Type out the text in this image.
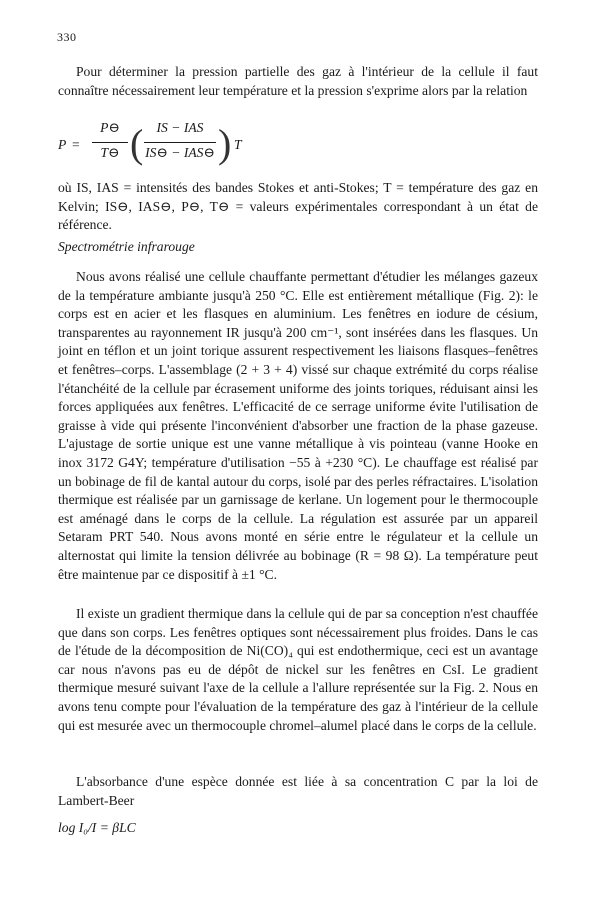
330

Pour déterminer la pression partielle des gaz à l'intérieur de la cellule il faut connaître nécessairement leur température et la pression s'exprime alors par la relation

P =
P⊖
T⊖ ( IS − IAS
IS⊖ − IAS⊖ ) T

où IS, IAS = intensités des bandes Stokes et anti-Stokes; T = température des gaz en Kelvin; IS⊖, IAS⊖, P⊖, T⊖ = valeurs expérimentales correspondant à un état de référence.

Spectrométrie infrarouge

Nous avons réalisé une cellule chauffante permettant d'étudier les mélanges gazeux de la température ambiante jusqu'à 250 °C. Elle est entièrement métallique (Fig. 2): le corps est en acier et les flasques en aluminium. Les fenêtres en iodure de césium, transparentes au rayonnement IR jusqu'à 200 cm⁻¹, sont insérées dans les flasques. Un joint en téflon et un joint torique assurent respectivement les liaisons flasques–fenêtres et fenêtres–corps. L'assemblage (2 + 3 + 4) vissé sur chaque extrémité du corps réalise l'étanchéité de la cellule par écrasement uniforme des joints toriques, réduisant ainsi les forces appliquées aux fenêtres. L'efficacité de ce serrage uniforme évite l'utilisation de graisse à vide qui présente l'inconvénient d'absorber une fraction de la phase gazeuse. L'ajustage de sortie unique est une vanne métallique à vis pointeau (vanne Hooke en inox 3172 G4Y; température d'utilisation −55 à +230 °C). Le chauffage est réalisé par un bobinage de fil de kantal autour du corps, isolé par des perles réfractaires. L'isolation thermique est réalisée par un garnissage de kerlane. Un logement pour le thermocouple est aménagé dans le corps de la cellule. La régulation est assurée par un appareil Setaram PRT 540. Nous avons monté en série entre le régulateur et la cellule un alternostat qui limite la tension délivrée au bobinage (R = 98 Ω). La température peut être maintenue par ce dispositif à ±1 °C.

Il existe un gradient thermique dans la cellule qui de par sa conception n'est chauffée que dans son corps. Les fenêtres optiques sont nécessairement plus froides. Dans le cas de l'étude de la décomposition de Ni(CO)₄ qui est endothermique, ceci est un avantage car nous n'avons pas eu de dépôt de nickel sur les fenêtres en CsI. Le gradient thermique mesuré suivant l'axe de la cellule a l'allure représentée sur la Fig. 2. Nous en avons tenu compte pour l'évaluation de la température des gaz à l'intérieur de la cellule qui est mesurée avec un thermocouple chromel–alumel placé dans le corps de la cellule.

L'absorbance d'une espèce donnée est liée à sa concentration C par la loi de Lambert-Beer

log I₀/I = βLC
